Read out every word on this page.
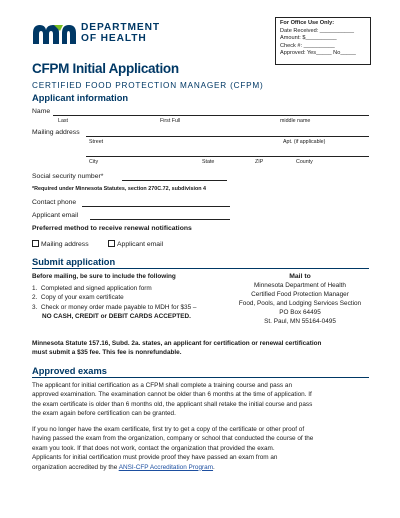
DEPARTMENT
OF HEALTH
For Office Use Only:
Date Received: ___________
Amount: $__________
Check #: __________
Approved: Yes_____ No_____
CFPM Initial Application
CERTIFIED FOOD PROTECTION MANAGER (CFPM)
Applicant information
Name
Last	First Full	middle name
Mailing address
Street	Apt. (if applicable)
City	State	ZIP	County
Social security number*
*Required under Minnesota Statutes, section 270C.72, subdivision 4
Contact phone
Applicant email
Preferred method to receive renewal notifications
Mailing address	Applicant email
Submit application
Before mailing, be sure to include the following
1.  Completed and signed application form
2.  Copy of your exam certificate
3.  Check or money order made payable to MDH for $35 –
NO CASH, CREDIT or DEBIT CARDS ACCEPTED.
Mail to
Minnesota Department of Health
Certified Food Protection Manager
Food, Pools, and Lodging Services Section
PO Box 64495
St. Paul, MN 55164-0495
Minnesota Statute 157.16, Subd. 2a. states, an applicant for certification or renewal certification
must submit a $35 fee. This fee is nonrefundable.
Approved exams
The applicant for initial certification as a CFPM shall complete a training course and pass an
approved examination. The examination cannot be older than 6 months at the time of application. If
the exam certificate is older than 6 months old, the applicant shall retake the initial course and pass
the exam again before certification can be granted.
If you no longer have the exam certificate, first try to get a copy of the certificate or other proof of
having passed the exam from the organization, company or school that conducted the course of the
exam you took. If that does not work, contact the organization that provided the exam.
Applicants for initial certification must provide proof they have passed an exam from an
organization accredited by the ANSI-CFP Accreditation Program.
